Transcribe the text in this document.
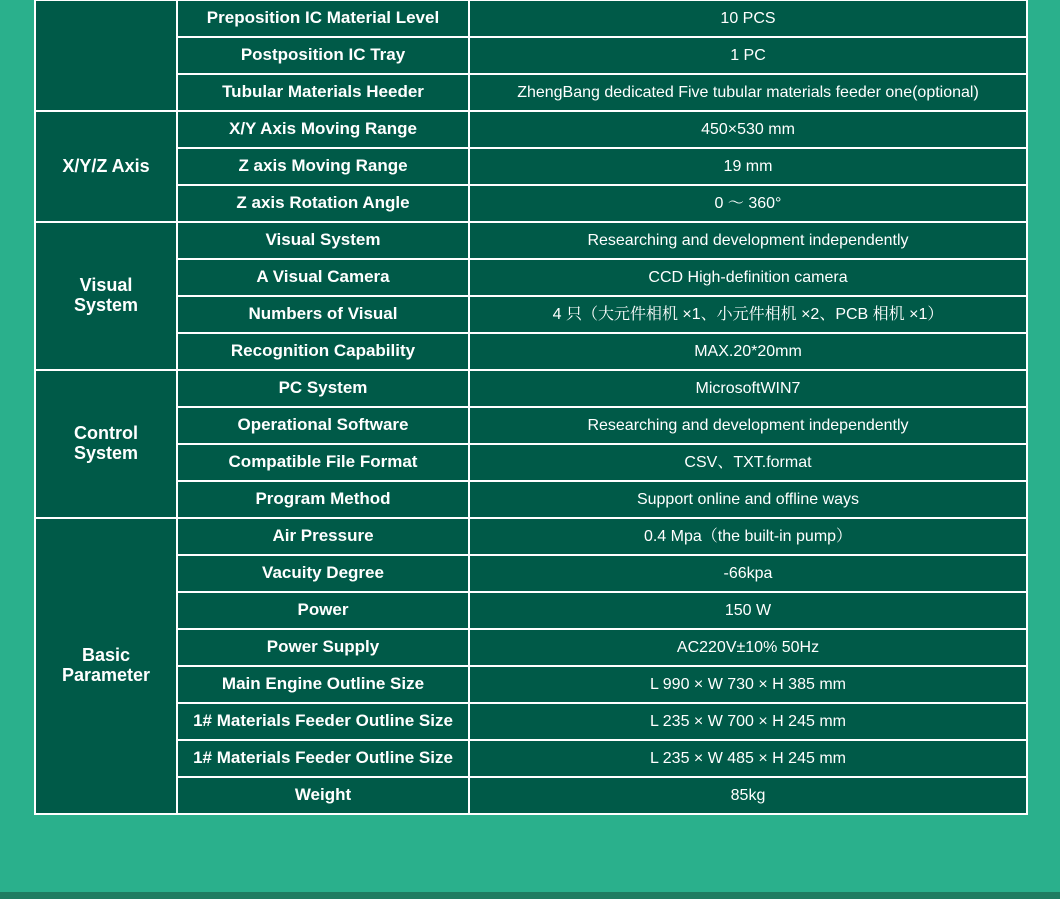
	Preposition IC Material Level	10 PCS
	Postposition IC Tray	1 PC
	Tubular Materials Heeder	ZhengBang dedicated Five tubular materials feeder one(optional)

X/Y/Z Axis	X/Y Axis Moving Range	450×530 mm
	Z axis Moving Range	19 mm
	Z axis Rotation Angle	0 ～ 360°

Visual
System	Visual System	Researching and development independently
	A Visual Camera	CCD High-definition camera
	Numbers of Visual	4 只（大元件相机 ×1、小元件相机 ×2、PCB 相机 ×1）
	Recognition Capability	MAX.20*20mm

Control
System	PC System	MicrosoftWIN7
	Operational Software	Researching and development independently
	Compatible File Format	CSV、TXT.format
	Program Method	Support online and offline ways

Basic
Parameter	Air Pressure	0.4 Mpa（the built-in pump）
	Vacuity Degree	-66kpa
	Power	150 W
	Power Supply	AC220V±10% 50Hz
	Main Engine Outline Size	L 990 × W 730 × H 385 mm
	1# Materials Feeder Outline Size	L 235 × W 700 × H 245 mm
	1# Materials Feeder Outline Size	L 235 × W 485 × H 245 mm
	Weight	85kg
